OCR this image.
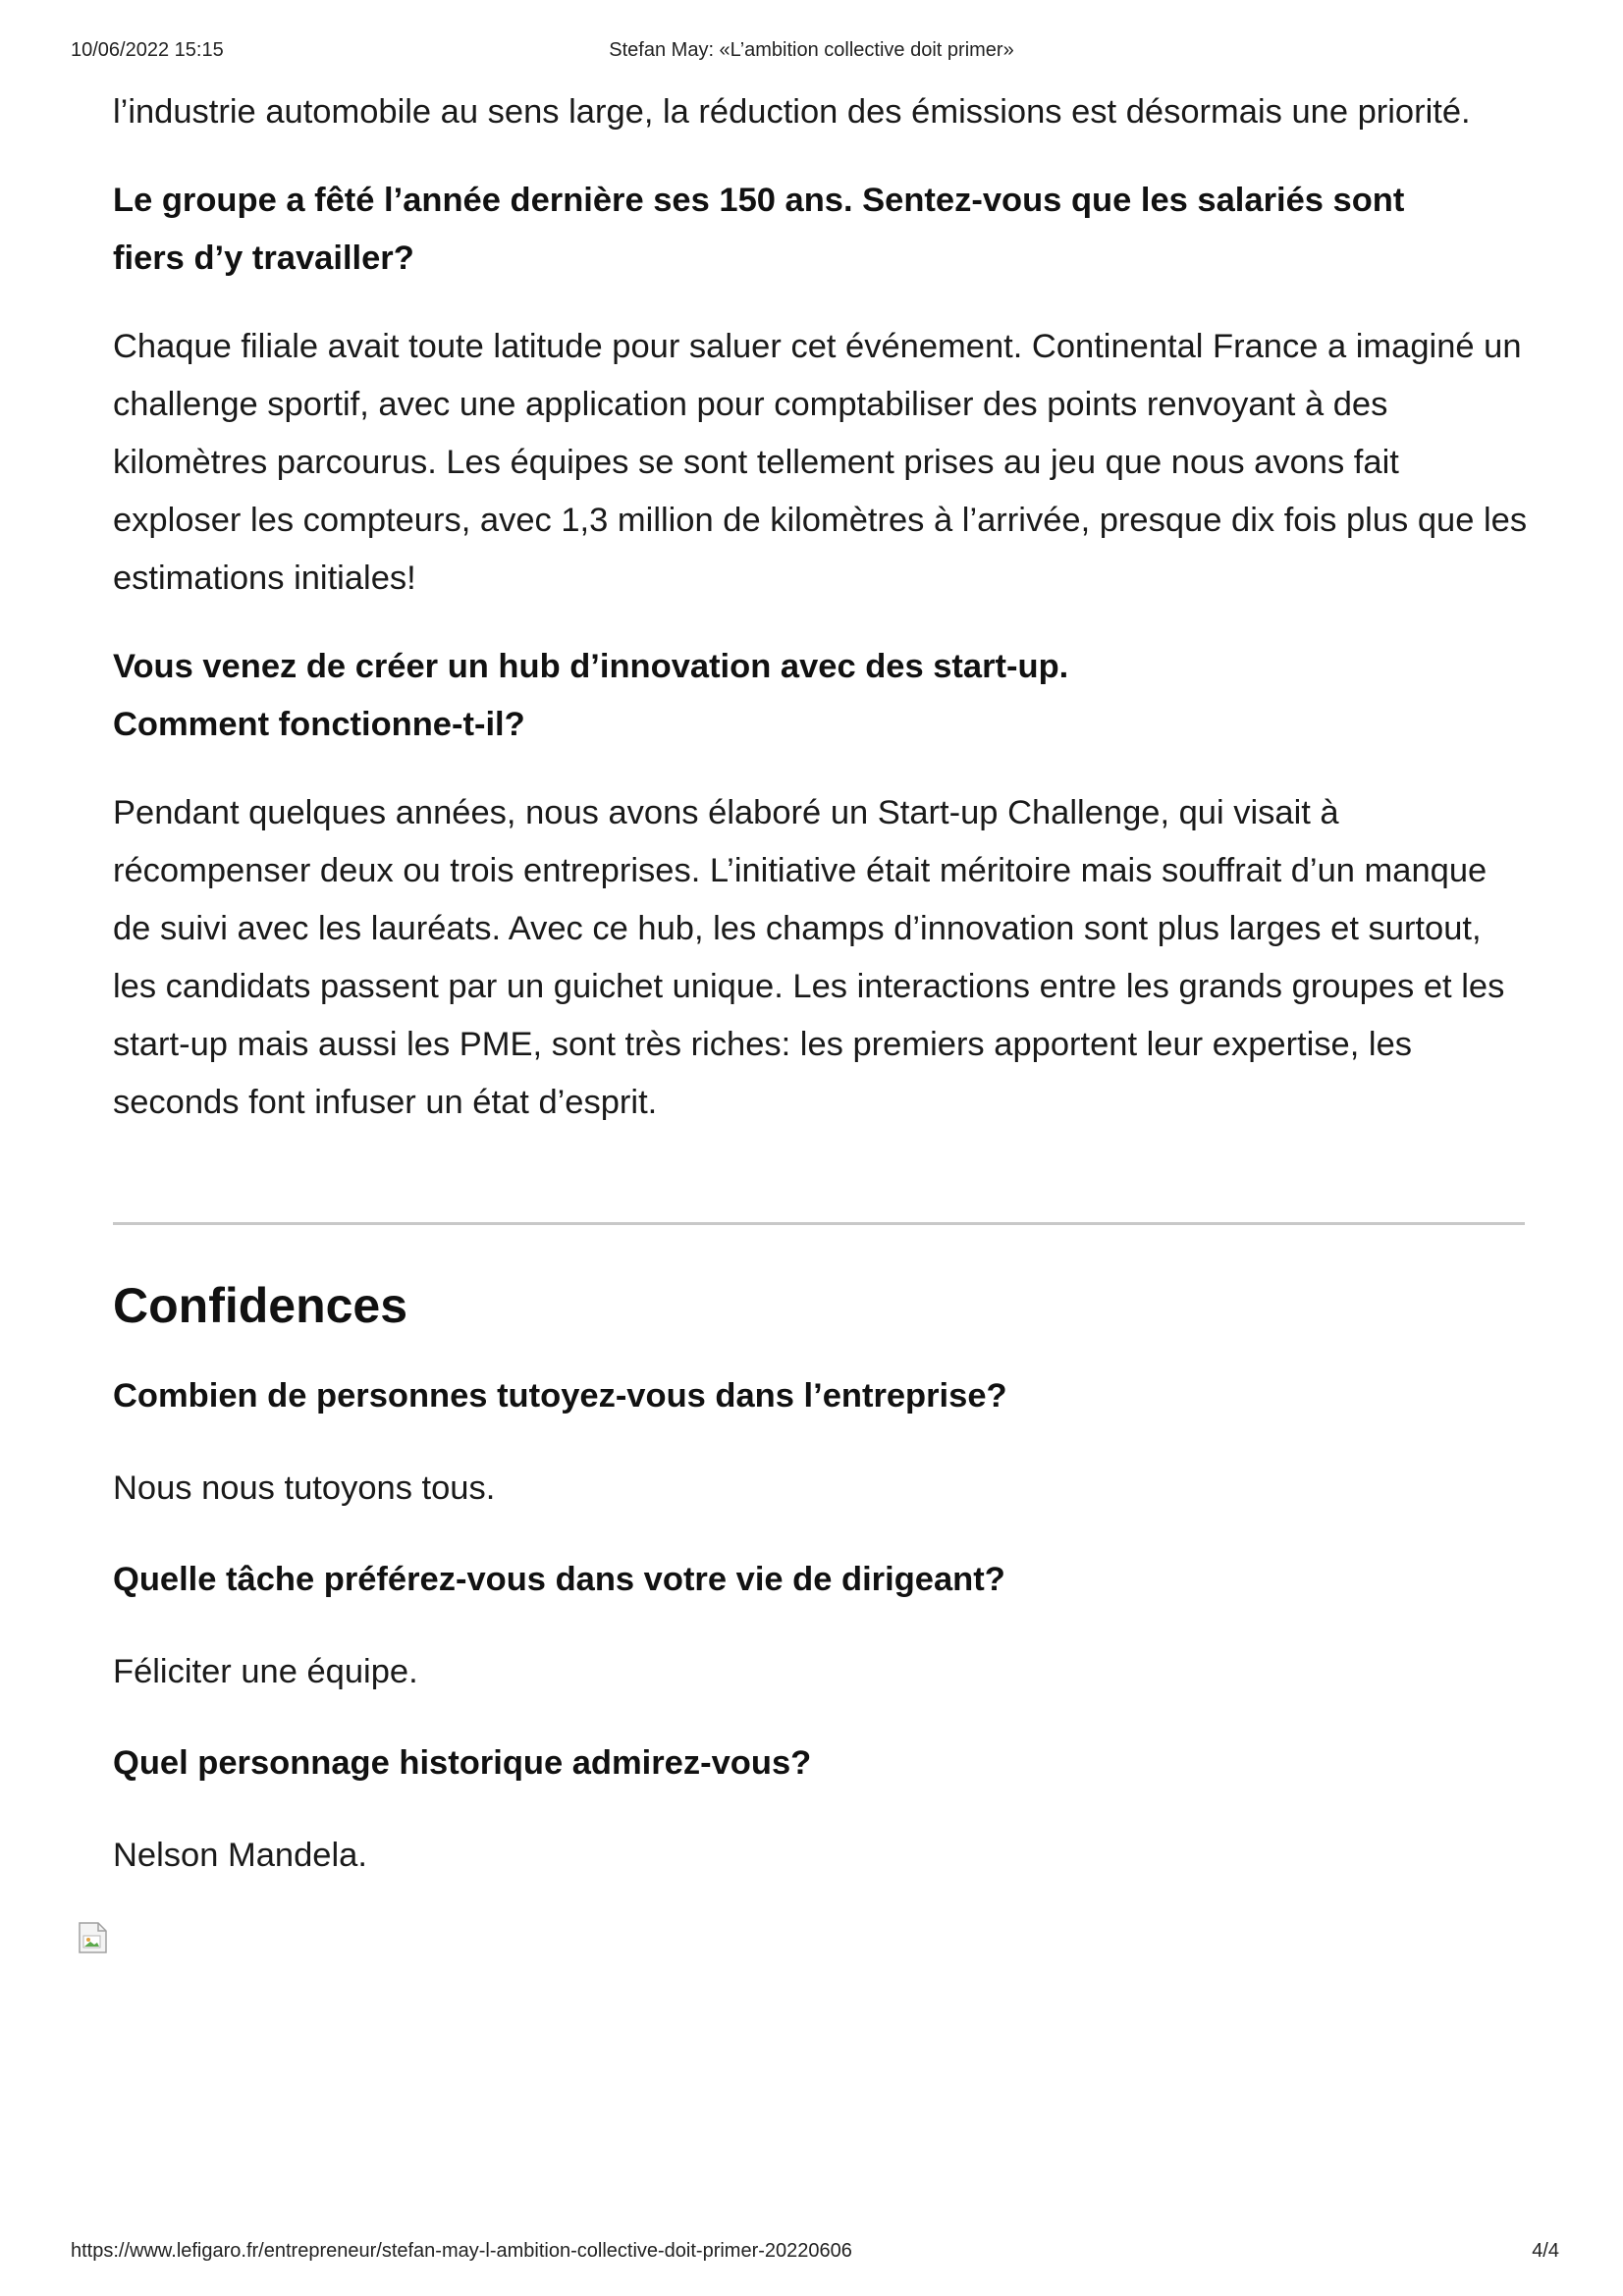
10/06/2022 15:15	Stefan May: «L’ambition collective doit primer»

l’industrie automobile au sens large, la réduction des émissions est désormais une priorité.

Le groupe a fêté l’année dernière ses 150 ans. Sentez-vous que les salariés sont fiers d’y travailler?

Chaque filiale avait toute latitude pour saluer cet événement. Continental France a imaginé un challenge sportif, avec une application pour comptabiliser des points renvoyant à des kilomètres parcourus. Les équipes se sont tellement prises au jeu que nous avons fait exploser les compteurs, avec 1,3 million de kilomètres à l’arrivée, presque dix fois plus que les estimations initiales!

Vous venez de créer un hub d’innovation avec des start-up.
Comment fonctionne-t-il?

Pendant quelques années, nous avons élaboré un Start-up Challenge, qui visait à récompenser deux ou trois entreprises. L’initiative était méritoire mais souffrait d’un manque de suivi avec les lauréats. Avec ce hub, les champs d’innovation sont plus larges et surtout, les candidats passent par un guichet unique. Les interactions entre les grands groupes et les start-up mais aussi les PME, sont très riches: les premiers apportent leur expertise, les seconds font infuser un état d’esprit.

Confidences

Combien de personnes tutoyez-vous dans l’entreprise?

Nous nous tutoyons tous.

Quelle tâche préférez-vous dans votre vie de dirigeant?

Féliciter une équipe.

Quel personnage historique admirez-vous?

Nelson Mandela.

https://www.lefigaro.fr/entrepreneur/stefan-may-l-ambition-collective-doit-primer-20220606	4/4
